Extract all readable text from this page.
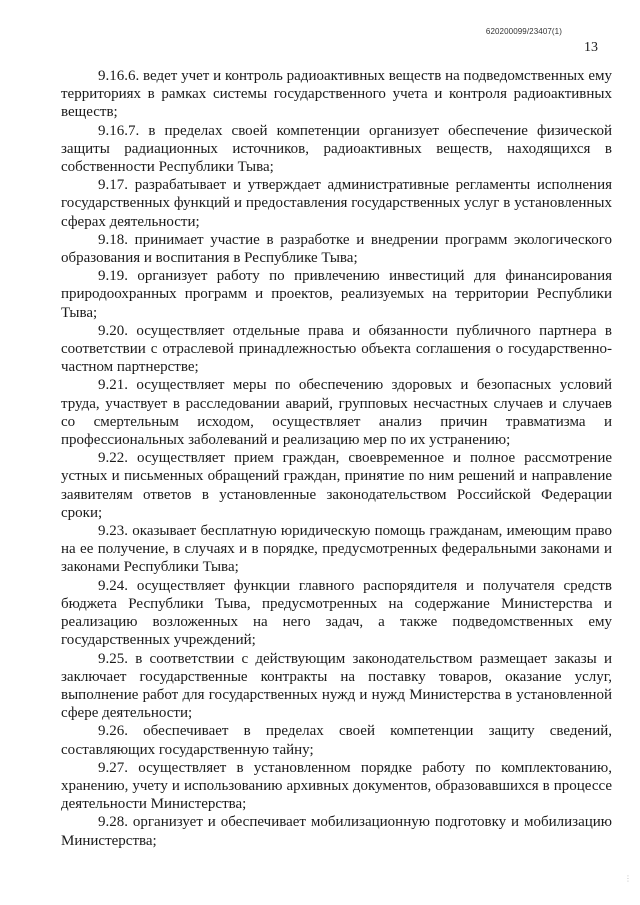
620200099/23407(1)
13

9.16.6. ведет учет и контроль радиоактивных веществ на подведомственных ему территориях в рамках системы государственного учета и контроля радиоактивных веществ;

9.16.7. в пределах своей компетенции организует обеспечение физической защиты радиационных источников, радиоактивных веществ, находящихся в собственности Республики Тыва;

9.17. разрабатывает и утверждает административные регламенты исполнения государственных функций и предоставления государственных услуг в установленных сферах деятельности;

9.18. принимает участие в разработке и внедрении программ экологического образования и воспитания в Республике Тыва;

9.19. организует работу по привлечению инвестиций для финансирования природоохранных программ и проектов, реализуемых на территории Республики Тыва;

9.20. осуществляет отдельные права и обязанности публичного партнера в соответствии с отраслевой принадлежностью объекта соглашения о государственно-частном партнерстве;

9.21. осуществляет меры по обеспечению здоровых и безопасных условий труда, участвует в расследовании аварий, групповых несчастных случаев и случаев со смертельным исходом, осуществляет анализ причин травматизма и профессиональных заболеваний и реализацию мер по их устранению;

9.22. осуществляет прием граждан, своевременное и полное рассмотрение устных и письменных обращений граждан, принятие по ним решений и направление заявителям ответов в установленные законодательством Российской Федерации сроки;

9.23. оказывает бесплатную юридическую помощь гражданам, имеющим право на ее получение, в случаях и в порядке, предусмотренных федеральными законами и законами Республики Тыва;

9.24. осуществляет функции главного распорядителя и получателя средств бюджета Республики Тыва, предусмотренных на содержание Министерства и реализацию возложенных на него задач, а также подведомственных ему государственных учреждений;

9.25. в соответствии с действующим законодательством размещает заказы и заключает государственные контракты на поставку товаров, оказание услуг, выполнение работ для государственных нужд и нужд Министерства в установленной сфере деятельности;

9.26. обеспечивает в пределах своей компетенции защиту сведений, составляющих государственную тайну;

9.27. осуществляет в установленном порядке работу по комплектованию, хранению, учету и использованию архивных документов, образовавшихся в процессе деятельности Министерства;

9.28. организует и обеспечивает мобилизационную подготовку и мобилизацию Министерства;

⋮
